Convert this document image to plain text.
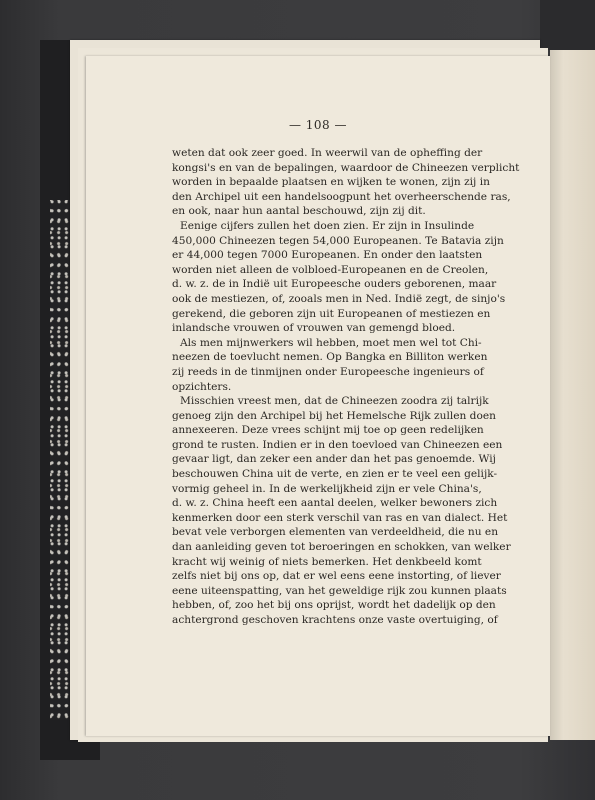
— 108 —
weten dat ook zeer goed. In weerwil van de opheffing der
kongsi's en van de bepalingen, waardoor de Chineezen verplicht
worden in bepaalde plaatsen en wijken te wonen, zijn zij in
den Archipel uit een handelsoogpunt het overheerschende ras,
en ook, naar hun aantal beschouwd, zijn zij dit.
Eenige cijfers zullen het doen zien. Er zijn in Insulinde
450,000 Chineezen tegen 54,000 Europeanen. Te Batavia zijn
er 44,000 tegen 7000 Europeanen. En onder den laatsten
worden niet alleen de volbloed-Europeanen en de Creolen,
d. w. z. de in Indië uit Europeesche ouders geborenen, maar
ook de mestiezen, of, zooals men in Ned. Indië zegt, de sinjo's
gerekend, die geboren zijn uit Europeanen of mestiezen en
inlandsche vrouwen of vrouwen van gemengd bloed.
Als men mijnwerkers wil hebben, moet men wel tot Chi-
neezen de toevlucht nemen. Op Bangka en Billiton werken
zij reeds in de tinmijnen onder Europeesche ingenieurs of
opzichters.
Misschien vreest men, dat de Chineezen zoodra zij talrijk
genoeg zijn den Archipel bij het Hemelsche Rijk zullen doen
annexeeren. Deze vrees schijnt mij toe op geen redelijken
grond te rusten. Indien er in den toevloed van Chineezen een
gevaar ligt, dan zeker een ander dan het pas genoemde. Wij
beschouwen China uit de verte, en zien er te veel een gelijk-
vormig geheel in. In de werkelijkheid zijn er vele China's,
d. w. z. China heeft een aantal deelen, welker bewoners zich
kenmerken door een sterk verschil van ras en van dialect. Het
bevat vele verborgen elementen van verdeeldheid, die nu en
dan aanleiding geven tot beroeringen en schokken, van welker
kracht wij weinig of niets bemerken. Het denkbeeld komt
zelfs niet bij ons op, dat er wel eens eene instorting, of liever
eene uiteenspatting, van het geweldige rijk zou kunnen plaats
hebben, of, zoo het bij ons oprijst, wordt het dadelijk op den
achtergrond geschoven krachtens onze vaste overtuiging, of
